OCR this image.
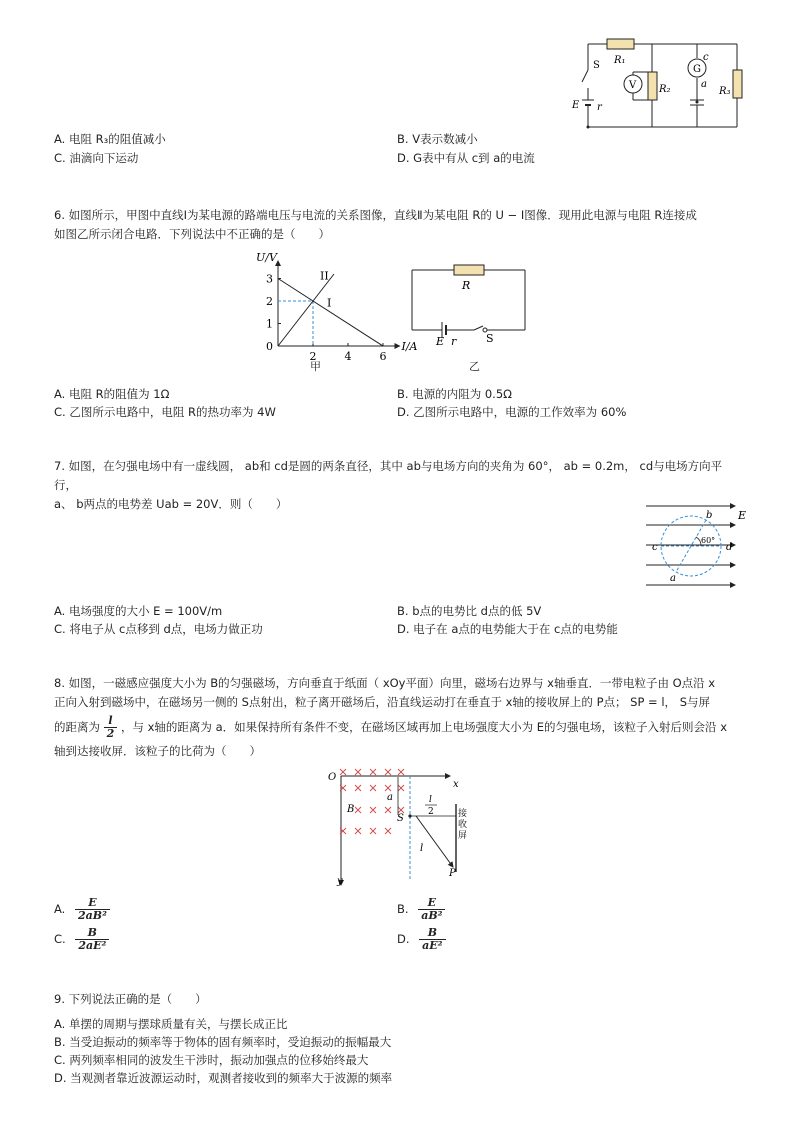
R₁
R₂	R₃
S
E r
V
G
c
a
A. 电阻 R₃的阻值减小	B. V表示数减小
C. 油滴向下运动	D. G表中有从 c到 a的电流
6. 如图所示，甲图中直线Ⅰ为某电源的路端电压与电流的关系图像，直线Ⅱ为某电阻 R的 U − I图像．现用此电源与电阻 R连接成
如图乙所示闭合电路．下列说法中不正确的是（　　）
U/V
I/A
0
2	4	6
1
2
3
I
II
甲
R
E r	S
乙
A. 电阻 R的阻值为 1Ω	B. 电源的内阻为 0.5Ω
C. 乙图所示电路中，电阻 R的热功率为 4W	D. 乙图所示电路中，电源的工作效率为 60%
7. 如图，在匀强电场中有一虚线圆， ab和 cd是圆的两条直径，其中 ab与电场方向的夹角为 60°， ab = 0.2m， cd与电场方向平行，
a、 b两点的电势差 Uab = 20V．则（　　）
E
b
a
c	d
60°
A. 电场强度的大小 E = 100V/m	B. b点的电势比 d点的低 5V
C. 将电子从 c点移到 d点，电场力做正功	D. 电子在 a点的电势能大于在 c点的电势能
8. 如图，一磁感应强度大小为 B的匀强磁场，方向垂直于纸面（ xOy平面）向里，磁场右边界与 x轴垂直．一带电粒子由 O点沿 x
正向入射到磁场中，在磁场另一侧的 S点射出，粒子离开磁场后，沿直线运动打在垂直于 x轴的接收屏上的 P点； SP = l， S与屏
的距离为 $\frac{l}{2}$ ，与 x轴的距离为 a．如果保持所有条件不变，在磁场区域再加上电场强度大小为 E的匀强电场，该粒子入射后则会沿 x
轴到达接收屏．该粒子的比荷为（　　）
O
x
y
B
a
S
l
2
l
P
接
收
屏
A. $\frac{E}{\text{2aB²}}$	B. $\frac{E}{\text{aB²}}$
C. $\frac{B}{\text{2aE²}}$	D. $\frac{B}{\text{aE²}}$
9. 下列说法正确的是（　　）
A. 单摆的周期与摆球质量有关，与摆长成正比
B. 当受迫振动的频率等于物体的固有频率时，受迫振动的振幅最大
C. 两列频率相同的波发生干涉时，振动加强点的位移始终最大
D. 当观测者靠近波源运动时，观测者接收到的频率大于波源的频率
